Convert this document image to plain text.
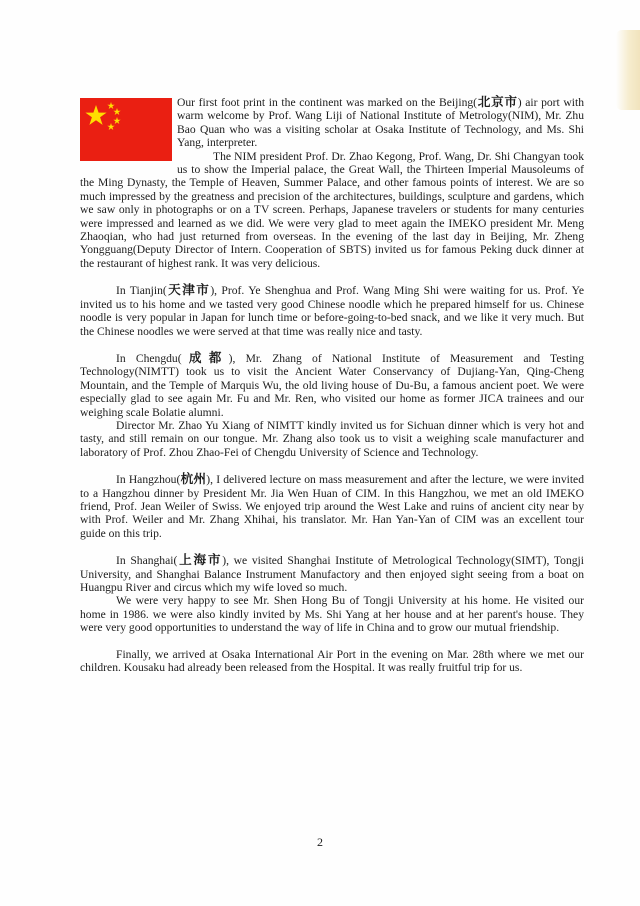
Our first foot print in the continent was marked on the Beijing(北京市) air port with warm welcome by Prof. Wang Liji of National Institute of Metrology(NIM), Mr. Zhu Bao Quan who was a visiting scholar at Osaka Institute of Technology, and Ms. Shi Yang, interpreter.

The NIM president Prof. Dr. Zhao Kegong, Prof. Wang, Dr. Shi Changyan took us to show the Imperial palace, the Great Wall, the Thirteen Imperial Mausoleums of the Ming Dynasty, the Temple of Heaven, Summer Palace, and other famous points of interest. We are so much impressed by the greatness and precision of the architectures, buildings, sculpture and gardens, which we saw only in photographs or on a TV screen. Perhaps, Japanese travelers or students for many centuries were impressed and learned as we did. We were very glad to meet again the IMEKO president Mr. Meng Zhaoqian, who had just returned from overseas. In the evening of the last day in Beijing, Mr. Zheng Yongguang(Deputy Director of Intern. Cooperation of SBTS) invited us for famous Peking duck dinner at the restaurant of highest rank. It was very delicious.

In Tianjin(天津市), Prof. Ye Shenghua and Prof. Wang Ming Shi were waiting for us. Prof. Ye invited us to his home and we tasted very good Chinese noodle which he prepared himself for us. Chinese noodle is very popular in Japan for lunch time or before-going-to-bed snack, and we like it very much. But the Chinese noodles we were served at that time was really nice and tasty.

In Chengdu(成都), Mr. Zhang of National Institute of Measurement and Testing Technology(NIMTT) took us to visit the Ancient Water Conservancy of Dujiang-Yan, Qing-Cheng Mountain, and the Temple of Marquis Wu, the old living house of Du-Bu, a famous ancient poet. We were especially glad to see again Mr. Fu and Mr. Ren, who visited our home as former JICA trainees and our weighing scale Bolatie alumni.

Director Mr. Zhao Yu Xiang of NIMTT kindly invited us for Sichuan dinner which is very hot and tasty, and still remain on our tongue. Mr. Zhang also took us to visit a weighing scale manufacturer and laboratory of Prof. Zhou Zhao-Fei of Chengdu University of Science and Technology.

In Hangzhou(杭州), I delivered lecture on mass measurement and after the lecture, we were invited to a Hangzhou dinner by President Mr. Jia Wen Huan of CIM. In this Hangzhou, we met an old IMEKO friend, Prof. Jean Weiler of Swiss. We enjoyed trip around the West Lake and ruins of ancient city near by with Prof. Weiler and Mr. Zhang Xhihai, his translator. Mr. Han Yan-Yan of CIM was an excellent tour guide on this trip.

In Shanghai(上海市), we visited Shanghai Institute of Metrological Technology(SIMT), Tongji University, and Shanghai Balance Instrument Manufactory and then enjoyed sight seeing from a boat on Huangpu River and circus which my wife loved so much.

We were very happy to see Mr. Shen Hong Bu of Tongji University at his home. He visited our home in 1986. we were also kindly invited by Ms. Shi Yang at her house and at her parent's house. They were very good opportunities to understand the way of life in China and to grow our mutual friendship.

Finally, we arrived at Osaka International Air Port in the evening on Mar. 28th where we met our children. Kousaku had already been released from the Hospital. It was really fruitful trip for us.

2
